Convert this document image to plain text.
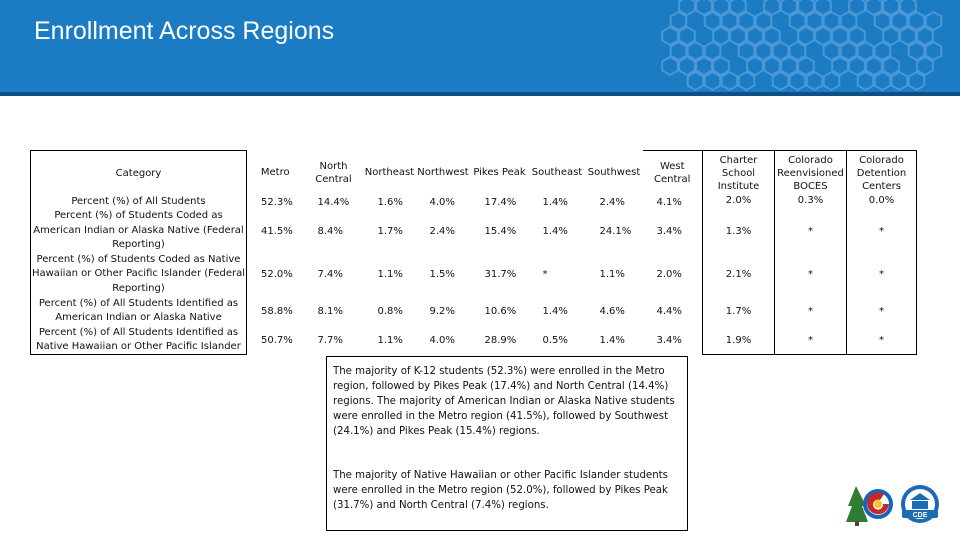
Enrollment Across Regions
Category	Metro	North Central	Northeast	Northwest	Pikes Peak	Southeast	Southwest	West Central	Charter School Institute	Colorado Reenvisioned BOCES	Colorado Detention Centers
Percent (%) of All Students	52.3%	14.4%	1.6%	4.0%	17.4%	1.4%	2.4%	4.1%	2.0%	0.3%	0.0%
Percent (%) of Students Coded as American Indian or Alaska Native (Federal Reporting)	41.5%	8.4%	1.7%	2.4%	15.4%	1.4%	24.1%	3.4%	1.3%	*	*
Percent (%) of Students Coded as Native Hawaiian or Other Pacific Islander (Federal Reporting)	52.0%	7.4%	1.1%	1.5%	31.7%	*	1.1%	2.0%	2.1%	*	*
Percent (%) of All Students Identified as American Indian or Alaska Native	58.8%	8.1%	0.8%	9.2%	10.6%	1.4%	4.6%	4.4%	1.7%	*	*
Percent (%) of All Students Identified as Native Hawaiian or Other Pacific Islander	50.7%	7.7%	1.1%	4.0%	28.9%	0.5%	1.4%	3.4%	1.9%	*	*

The majority of K-12 students (52.3%) were enrolled in the Metro region, followed by Pikes Peak (17.4%) and North Central (14.4%) regions. The majority of American Indian or Alaska Native students were enrolled in the Metro region (41.5%), followed by Southwest (24.1%) and Pikes Peak (15.4%) regions.

The majority of Native Hawaiian or other Pacific Islander students were enrolled in the Metro region (52.0%), followed by Pikes Peak (31.7%) and North Central (7.4%) regions.

CDE
